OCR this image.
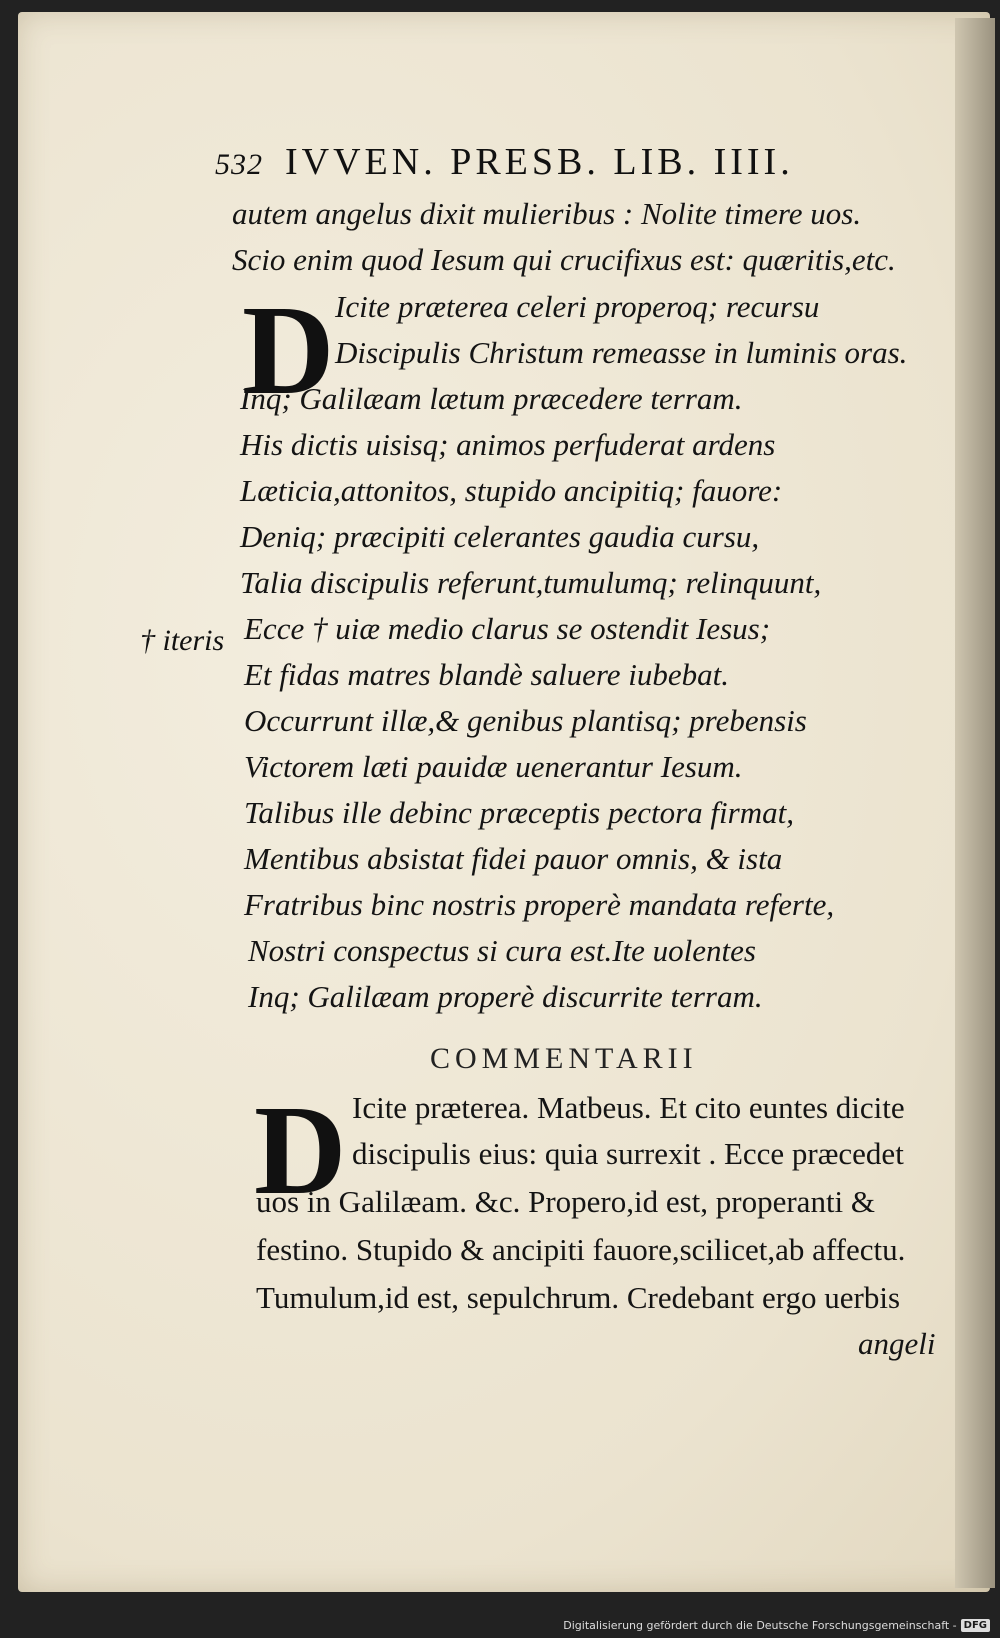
532 IVVEN. PRESB. LIB. IIII.
autem angelus dixit mulieribus : Nolite timere uos.
Scio enim quod Iesum qui crucifixus est: quæritis,etc.
D Icite præterea celeri properoq; recursu
Discipulis Christum remeasse in luminis oras.
Inq; Galilæam lætum præcedere terram.
His dictis uisisq; animos perfuderat ardens
Læticia,attonitos, stupido ancipitiq; fauore:
Deniq; præcipiti celerantes gaudia cursu,
Talia discipulis referunt,tumulumq; relinquunt,
† iteris Ecce † uiæ medio clarus se ostendit Iesus;
Et fidas matres blandè saluere iubebat.
Occurrunt illæ,& genibus plantisq; prebensis
Victorem læti pauidæ uenerantur Iesum.
Talibus ille debinc præceptis pectora firmat,
Mentibus absistat fidei pauor omnis, & ista
Fratribus binc nostris properè mandata referte,
Nostri conspectus si cura est.Ite uolentes
Inq; Galilæam properè discurrite terram.
COMMENTARII
D Icite præterea. Matbeus. Et cito euntes dicite
discipulis eius: quia surrexit . Ecce præcedet
uos in Galilæam. &c. Propero,id est, properanti &
festino. Stupido & ancipiti fauore,scilicet,ab affectu.
Tumulum,id est, sepulchrum. Credebant ergo uerbis
angeli
Digitalisierung gefördert durch die Deutsche Forschungsgemeinschaft - DFG
